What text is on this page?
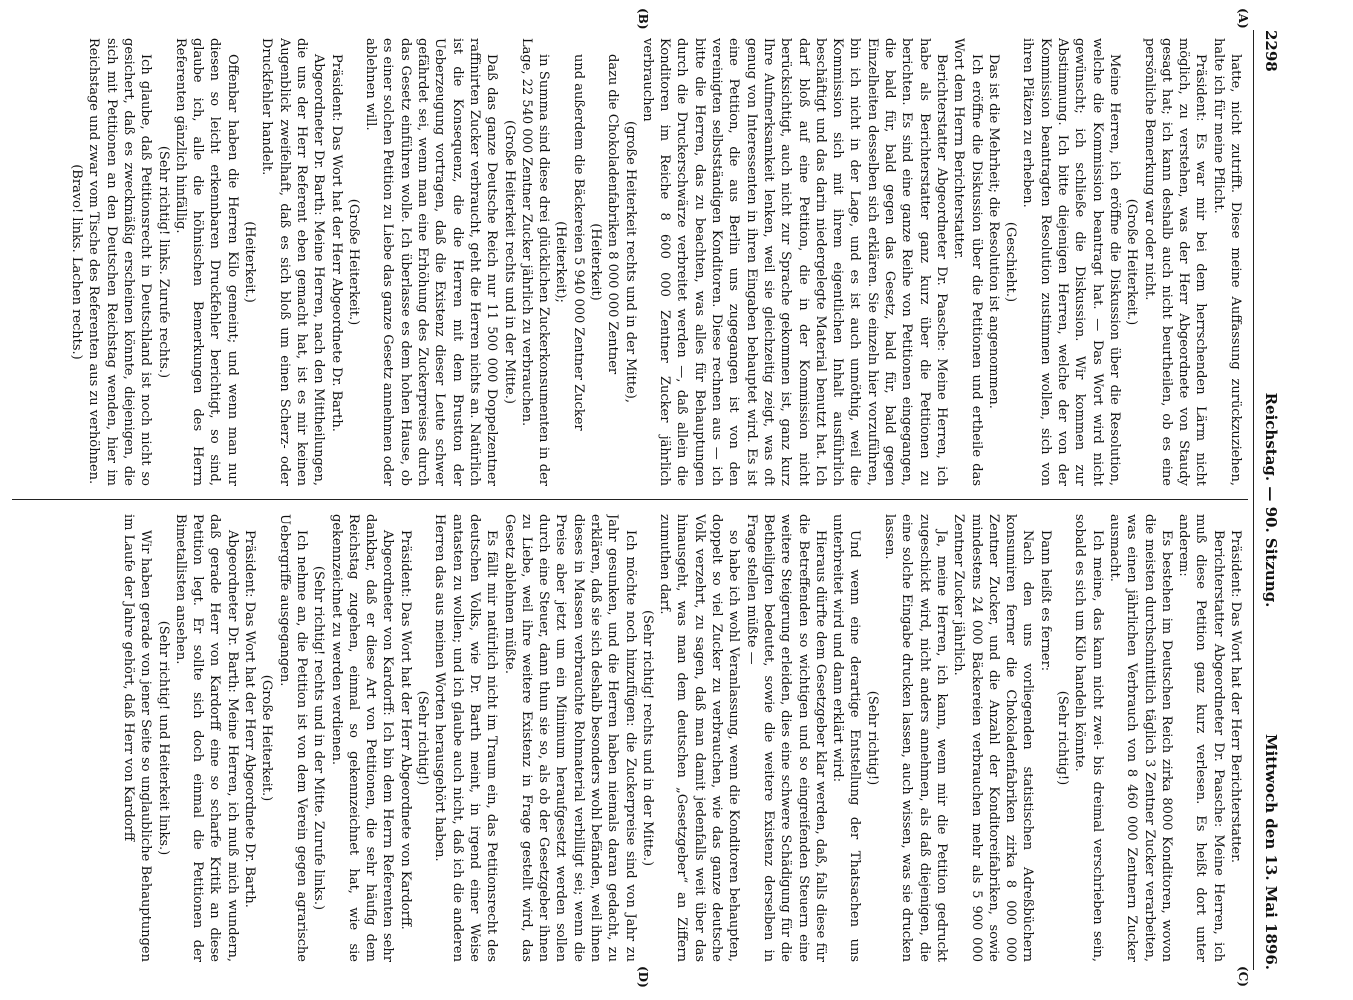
2298
Reichstag. — 90. Sitzung.
Mittwoch den 13. Mai 1896.
(A)
(B)
(C)
(D)

hatte, nicht zutrifft. Diese meine Auffassung zurückzuziehen, halte ich für meine Pflicht.

Präsident: Es war mir bei dem herrschenden Lärm nicht möglich, zu verstehen, was der Herr Abgeordnete von Staudy gesagt hat; ich kann deshalb auch nicht beurtheilen, ob es eine persönliche Bemerkung war oder nicht.

(Große Heiterkeit.)

Meine Herren, ich eröffne die Diskussion über die Resolution, welche die Kommission beantragt hat. — Das Wort wird nicht gewünscht; ich schließe die Diskussion. Wir kommen zur Abstimmung. Ich bitte diejenigen Herren, welche der von der Kommission beantragten Resolution zustimmen wollen, sich von ihren Plätzen zu erheben.

(Geschieht.)

Das ist die Mehrheit; die Resolution ist angenommen.

Ich eröffne die Diskussion über die Petitionen und ertheile das Wort dem Herrn Berichterstatter.

Berichterstatter Abgeordneter Dr. Paasche: Meine Herren, ich habe als Berichterstatter ganz kurz über die Petitionen zu berichten. Es sind eine ganze Reihe von Petitionen eingegangen, die bald für, bald gegen das Gesetz, bald für, bald gegen Einzelheiten desselben sich erklären. Sie einzeln hier vorzuführen, bin ich nicht in der Lage, und es ist auch unnöthig, weil die Kommission sich mit ihrem eigentlichen Inhalt ausführlich beschäftigt und das darin niedergelegte Material benutzt hat. Ich darf bloß auf eine Petition, die in der Kommission nicht berücksichtigt, auch nicht zur Sprache gekommen ist, ganz kurz Ihre Aufmerksamkeit lenken, weil sie gleichzeitig zeigt, was oft genug von Interessenten in ihren Eingaben behauptet wird. Es ist eine Petition, die aus Berlin uns zugegangen ist von den vereinigten selbstständigen Konditoren. Diese rechnen aus — ich bitte die Herren, das zu beachten, was alles für Behauptungen durch die Druckerschwärze verbreitet werden —, daß allein die Konditoren im Reiche 8 600 000 Zentner Zucker jährlich verbrauchen

(große Heiterkeit rechts und in der Mitte),

dazu die Chokoladenfabriken 8 000 000 Zentner

(Heiterkeit)

und außerdem die Bäckereien 5 940 000 Zentner Zucker

(Heiterkeit);

in Summa sind diese drei glücklichen Zuckerkonsumenten in der Lage, 22 540 000 Zentner Zucker jährlich zu verbrauchen.

(Große Heiterkeit rechts und in der Mitte.)

Daß das ganze Deutsche Reich nur 11 500 000 Doppelzentner raffinirten Zucker verbraucht, geht die Herren nichts an. Natürlich ist die Konsequenz, die die Herren mit dem Brustton der Ueberzeugung vortragen, daß die Existenz dieser Leute schwer gefährdet sei, wenn man eine Erhöhung des Zuckerpreises durch das Gesetz einführen wolle. Ich überlasse es dem hohen Hause, ob es einer solchen Petition zu Liebe das ganze Gesetz annehmen oder ablehnen will.

(Große Heiterkeit.)

Präsident: Das Wort hat der Herr Abgeordnete Dr. Barth.

Abgeordneter Dr. Barth: Meine Herren, nach den Mittheilungen, die uns der Herr Referent eben gemacht hat, ist es mir keinen Augenblick zweifelhaft, daß es sich bloß um einen Scherz- oder Druckfehler handelt.

(Heiterkeit.)

Offenbar haben die Herren Kilo gemeint; und wenn man nur diesen so leicht erkennbaren Druckfehler berichtigt, so sind, glaube ich, alle die höhnischen Bemerkungen des Herrn Referenten gänzlich hinfällig.

(Sehr richtig! links. Zurufe rechts.)

Ich glaube, daß Petitionsrecht in Deutschland ist noch nicht so gesichert, daß es zweckmäßig erscheinen könnte, diejenigen, die sich mit Petitionen an den Deutschen Reichstag wenden, hier im Reichstage und zwar vom Tische des Referenten aus zu verhöhnen.

(Bravo! links. Lachen rechts.)

Präsident: Das Wort hat der Herr Berichterstatter.

Berichterstatter Abgeordneter Dr. Paasche: Meine Herren, ich muß diese Petition ganz kurz verlesen. Es heißt dort unter anderem:

Es bestehen im Deutschen Reich zirka 8000 Konditoren, wovon die meisten durchschnittlich täglich 3 Zentner Zucker verarbeiten, was einen jährlichen Verbrauch von 8 460 000 Zentnern Zucker ausmacht.

Ich meine, das kann nicht zwei- bis dreimal verschrieben sein, sobald es sich um Kilo handeln könnte.

(Sehr richtig!)

Dann heißt es ferner:

Nach den uns vorliegenden statistischen Adreßbüchern konsumiren ferner die Chokoladenfabriken zirka 8 000 000 Zentner Zucker, und die Anzahl der Konditoreifabriken, sowie mindestens 24 000 Bäckereien verbrauchen mehr als 5 900 000 Zentner Zucker jährlich.

Ja, meine Herren, ich kann, wenn mir die Petition gedruckt zugeschickt wird, nicht anders annehmen, als daß diejenigen, die eine solche Eingabe drucken lassen, auch wissen, was sie drucken lassen.

(Sehr richtig!)

Und wenn eine derartige Entstellung der Thatsachen uns unterbreitet wird und dann erklärt wird:

Hieraus dürfte dem Gesetzgeber klar werden, daß, falls diese für die Betreffenden so wichtigen und so eingreifenden Steuern eine weitere Steigerung erleiden, dies eine schwere Schädigung für die Betheiligten bedeutet, sowie die weitere Existenz derselben in Frage stellen müßte —

so habe ich wohl Veranlassung, wenn die Konditoren behaupten, doppelt so viel Zucker zu verbrauchen, wie das ganze deutsche Volk verzehrt, zu sagen, daß man damit jedenfalls weit über das hinausgeht, was man dem deutschen „Gesetzgeber“ an Ziffern zumuthen darf.

(Sehr richtig! rechts und in der Mitte.)

Ich möchte noch hinzufügen: die Zuckerpreise sind von Jahr zu Jahr gesunken, und die Herren haben niemals daran gedacht, zu erklären, daß sie sich deshalb besonders wohl befänden, weil ihnen dieses in Massen verbrauchte Rohmaterial verbilligt sei; wenn die Preise aber jetzt um ein Minimum heraufgesetzt werden sollen durch eine Steuer, dann thun sie so, als ob der Gesetzgeber ihnen zu Liebe, weil ihre weitere Existenz in Frage gestellt wird, das Gesetz ablehnen müßte.

Es fällt mir natürlich nicht im Traum ein, das Petitionsrecht des deutschen Volks, wie Dr. Barth meint, in irgend einer Weise antasten zu wollen; und ich glaube auch nicht, daß ich die anderen Herren das aus meinen Worten herausgehört haben.

(Sehr richtig!)

Präsident: Das Wort hat der Herr Abgeordnete von Kardorff.

Abgeordneter von Kardorff: Ich bin dem Herrn Referenten sehr dankbar, daß er diese Art von Petitionen, die sehr häufig dem Reichstag zugehen, einmal so gekennzeichnet hat, wie sie gekennzeichnet zu werden verdienen.

(Sehr richtig! rechts und in der Mitte. Zurufe links.)

Ich nehme an, die Petition ist von dem Verein gegen agrarische Uebergriffe ausgegangen.

(Große Heiterkeit.)

Präsident: Das Wort hat der Herr Abgeordnete Dr. Barth.

Abgeordneter Dr. Barth: Meine Herren, ich muß mich wundern, daß gerade Herr von Kardorff eine so scharfe Kritik an diese Petition legt. Er sollte sich doch einmal die Petitionen der Bimetallisten ansehen.

(Sehr richtig! und Heiterkeit links.)

Wir haben gerade von jener Seite so unglaubliche Behauptungen im Laufe der Jahre gehört, daß Herr von Kardorff
